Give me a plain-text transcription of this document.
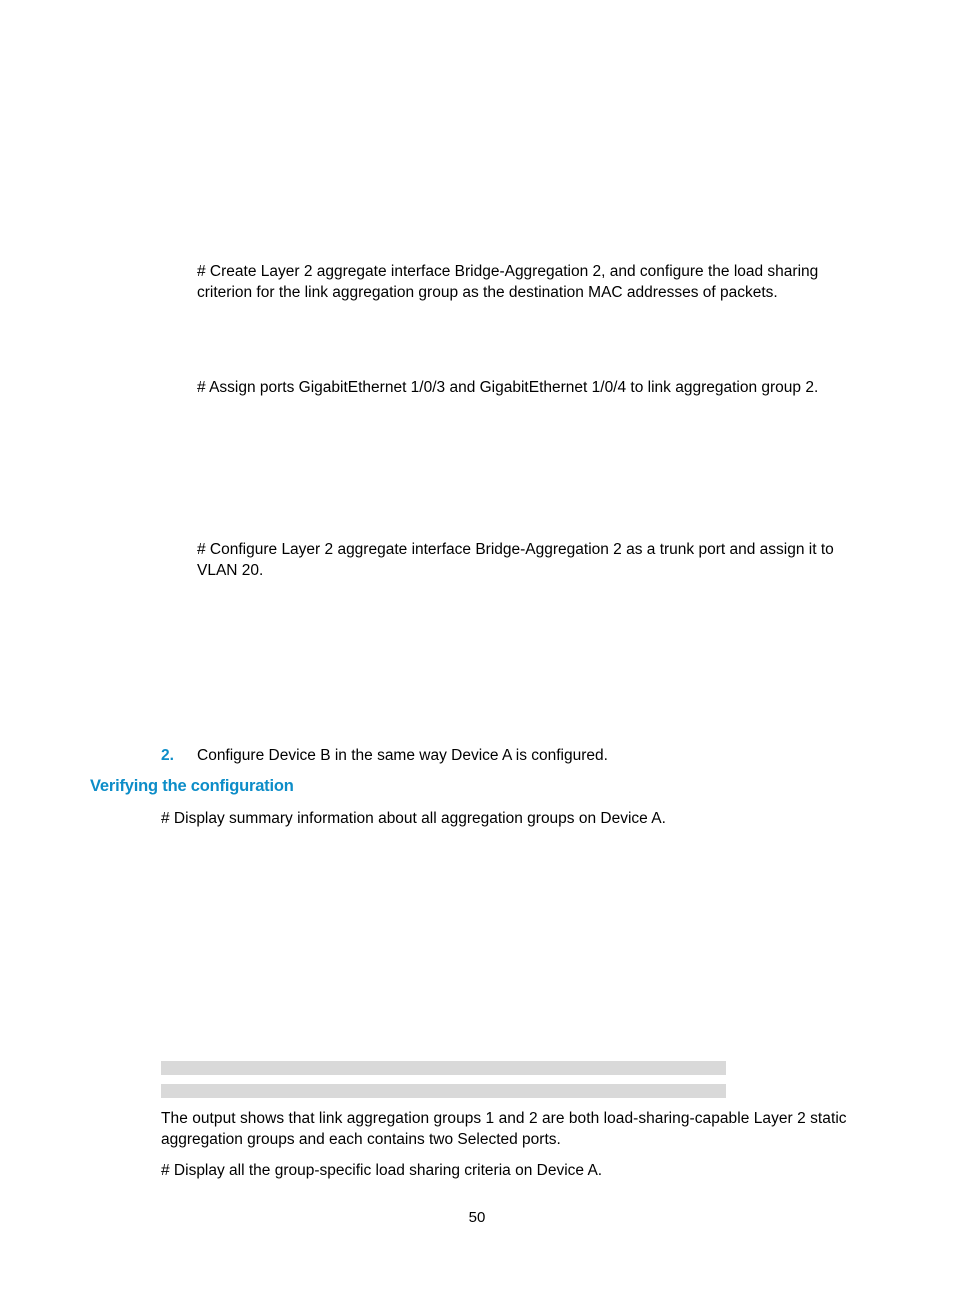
# Create Layer 2 aggregate interface Bridge-Aggregation 2, and configure the load sharing

criterion for the link aggregation group as the destination MAC addresses of packets.

# Assign ports GigabitEthernet 1/0/3 and GigabitEthernet 1/0/4 to link aggregation group 2.

# Configure Layer 2 aggregate interface Bridge-Aggregation 2 as a trunk port and assign it to

VLAN 20.

2. Configure Device B in the same way Device A is configured.
Verifying the configuration
# Display summary information about all aggregation groups on Device A.

The output shows that link aggregation groups 1 and 2 are both load-sharing-capable Layer 2 static

aggregation groups and each contains two Selected ports.

# Display all the group-specific load sharing criteria on Device A.
50
